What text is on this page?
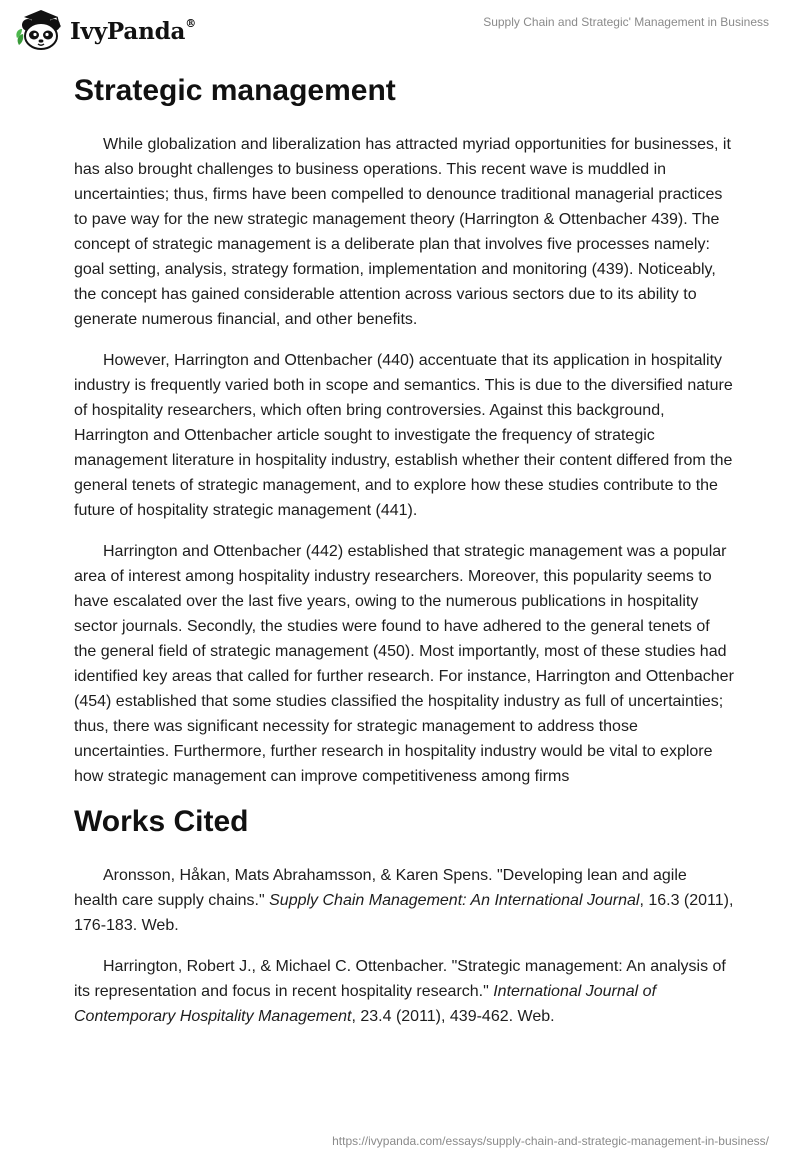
IvyPanda®	Supply Chain and Strategic' Management in Business
Strategic management

While globalization and liberalization has attracted myriad opportunities for businesses, it has also brought challenges to business operations. This recent wave is muddled in uncertainties; thus, firms have been compelled to denounce traditional managerial practices to pave way for the new strategic management theory (Harrington & Ottenbacher 439). The concept of strategic management is a deliberate plan that involves five processes namely: goal setting, analysis, strategy formation, implementation and monitoring (439). Noticeably, the concept has gained considerable attention across various sectors due to its ability to generate numerous financial, and other benefits.

However, Harrington and Ottenbacher (440) accentuate that its application in hospitality industry is frequently varied both in scope and semantics. This is due to the diversified nature of hospitality researchers, which often bring controversies. Against this background, Harrington and Ottenbacher article sought to investigate the frequency of strategic management literature in hospitality industry, establish whether their content differed from the general tenets of strategic management, and to explore how these studies contribute to the future of hospitality strategic management (441).

Harrington and Ottenbacher (442) established that strategic management was a popular area of interest among hospitality industry researchers. Moreover, this popularity seems to have escalated over the last five years, owing to the numerous publications in hospitality sector journals. Secondly, the studies were found to have adhered to the general tenets of the general field of strategic management (450). Most importantly, most of these studies had identified key areas that called for further research. For instance, Harrington and Ottenbacher (454) established that some studies classified the hospitality industry as full of uncertainties; thus, there was significant necessity for strategic management to address those uncertainties. Furthermore, further research in hospitality industry would be vital to explore how strategic management can improve competitiveness among firms

Works Cited

Aronsson, Håkan, Mats Abrahamsson, & Karen Spens. "Developing lean and agile health care supply chains." Supply Chain Management: An International Journal, 16.3 (2011), 176-183. Web.

Harrington, Robert J., & Michael C. Ottenbacher. "Strategic management: An analysis of its representation and focus in recent hospitality research." International Journal of Contemporary Hospitality Management, 23.4 (2011), 439-462. Web.

https://ivypanda.com/essays/supply-chain-and-strategic-management-in-business/
